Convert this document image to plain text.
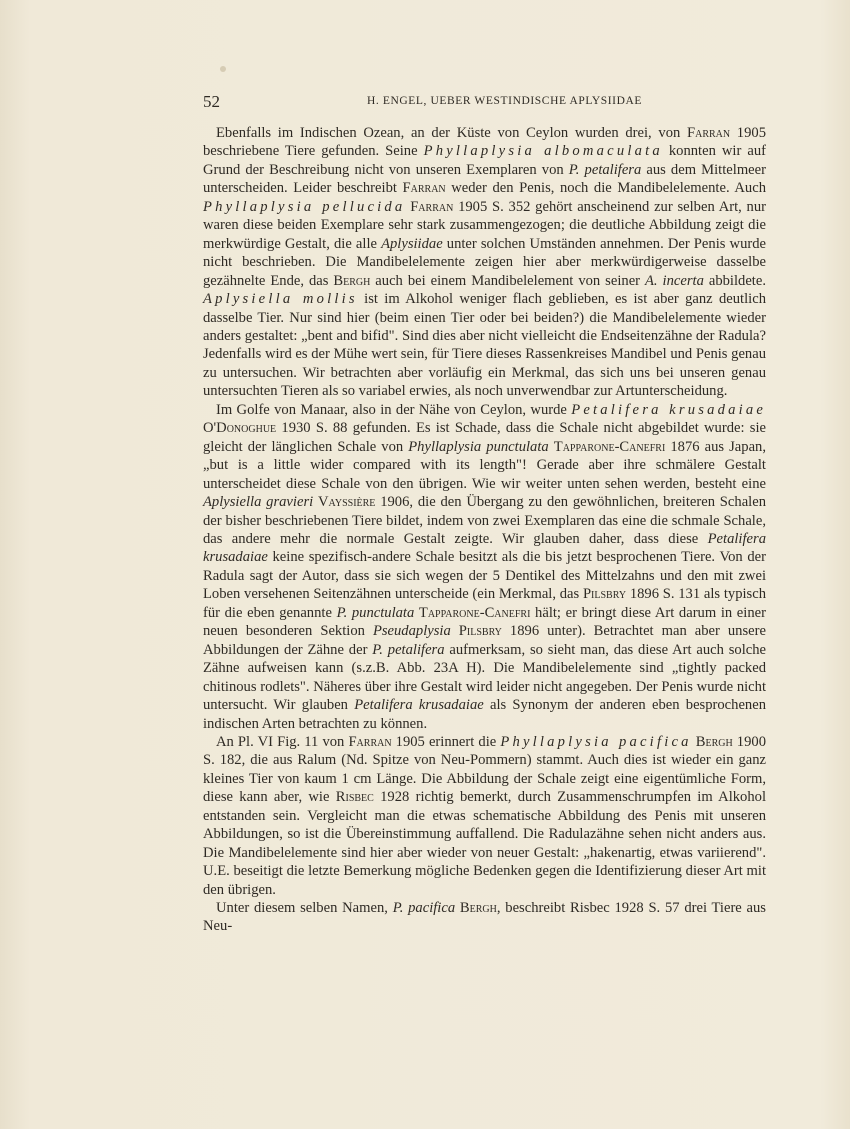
52	H. ENGEL, UEBER WESTINDISCHE APLYSIIDAE

Ebenfalls im Indischen Ozean, an der Küste von Ceylon wurden drei, von Farran 1905 beschriebene Tiere gefunden. Seine Phyllaplysia albomaculata konnten wir auf Grund der Beschreibung nicht von unseren Exemplaren von P. petalifera aus dem Mittelmeer unterscheiden. Leider beschreibt Farran weder den Penis, noch die Mandibelelemente. Auch Phyllaplysia pellucida Farran 1905 S. 352 gehört anscheinend zur selben Art, nur waren diese beiden Exemplare sehr stark zusammengezogen; die deutliche Abbildung zeigt die merkwürdige Gestalt, die alle Aplysiidae unter solchen Umständen annehmen. Der Penis wurde nicht beschrieben. Die Mandibelelemente zeigen hier aber merkwürdigerweise dasselbe gezähnelte Ende, das Bergh auch bei einem Mandibelelement von seiner A. incerta abbildete. Aplysiella mollis ist im Alkohol weniger flach geblieben, es ist aber ganz deutlich dasselbe Tier. Nur sind hier (beim einen Tier oder bei beiden?) die Mandibelelemente wieder anders gestaltet: „bent and bifid". Sind dies aber nicht vielleicht die Endseitenzähne der Radula? Jedenfalls wird es der Mühe wert sein, für Tiere dieses Rassenkreises Mandibel und Penis genau zu untersuchen. Wir betrachten aber vorläufig ein Merkmal, das sich uns bei unseren genau untersuchten Tieren als so variabel erwies, als noch unverwendbar zur Artunterscheidung.

Im Golfe von Manaar, also in der Nähe von Ceylon, wurde Petalifera krusadaiae O'Donoghue 1930 S. 88 gefunden. Es ist Schade, dass die Schale nicht abgebildet wurde: sie gleicht der länglichen Schale von Phyllaplysia punctulata Tapparone-Canefri 1876 aus Japan, „but is a little wider compared with its length"! Gerade aber ihre schmälere Gestalt unterscheidet diese Schale von den übrigen. Wie wir weiter unten sehen werden, besteht eine Aplysiella gravieri Vayssière 1906, die den Übergang zu den gewöhnlichen, breiteren Schalen der bisher beschriebenen Tiere bildet, indem von zwei Exemplaren das eine die schmale Schale, das andere mehr die normale Gestalt zeigte. Wir glauben daher, dass diese Petalifera krusadaiae keine spezifisch-andere Schale besitzt als die bis jetzt besprochenen Tiere. Von der Radula sagt der Autor, dass sie sich wegen der 5 Dentikel des Mittelzahns und den mit zwei Loben versehenen Seitenzähnen unterscheide (ein Merkmal, das Pilsbry 1896 S. 131 als typisch für die eben genannte P. punctulata Tapparone-Canefri hält; er bringt diese Art darum in einer neuen besonderen Sektion Pseudaplysia Pilsbry 1896 unter). Betrachtet man aber unsere Abbildungen der Zähne der P. petalifera aufmerksam, so sieht man, das diese Art auch solche Zähne aufweisen kann (s.z.B. Abb. 23A H). Die Mandibelelemente sind „tightly packed chitinous rodlets". Näheres über ihre Gestalt wird leider nicht angegeben. Der Penis wurde nicht untersucht. Wir glauben Petalifera krusadaiae als Synonym der anderen eben besprochenen indischen Arten betrachten zu können.

An Pl. VI Fig. 11 von Farran 1905 erinnert die Phyllaplysia pacifica Bergh 1900 S. 182, die aus Ralum (Nd. Spitze von Neu-Pommern) stammt. Auch dies ist wieder ein ganz kleines Tier von kaum 1 cm Länge. Die Abbildung der Schale zeigt eine eigentümliche Form, diese kann aber, wie Risbec 1928 richtig bemerkt, durch Zusammenschrumpfen im Alkohol entstanden sein. Vergleicht man die etwas schematische Abbildung des Penis mit unseren Abbildungen, so ist die Übereinstimmung auffallend. Die Radulazähne sehen nicht anders aus. Die Mandibelelemente sind hier aber wieder von neuer Gestalt: „hakenartig, etwas variierend". U.E. beseitigt die letzte Bemerkung mögliche Bedenken gegen die Identifizierung dieser Art mit den übrigen.

Unter diesem selben Namen, P. pacifica Bergh, beschreibt Risbec 1928 S. 57 drei Tiere aus Neu-
